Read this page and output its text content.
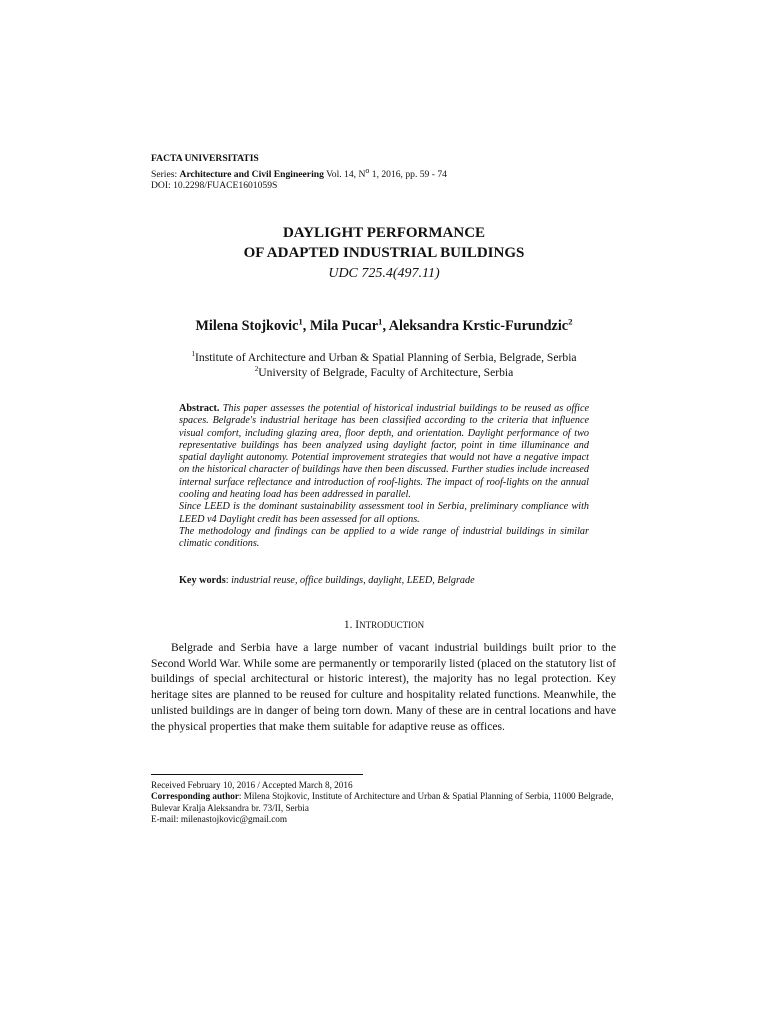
FACTA UNIVERSITATIS
Series: Architecture and Civil Engineering Vol. 14, $N^o$ 1, 2016, pp. 59 - 74
DOI: 10.2298/FUACE1601059S
DAYLIGHT PERFORMANCE
OF ADAPTED INDUSTRIAL BUILDINGS
UDC 725.4(497.11)
Milena Stojkovic$^1$, Mila Pucar$^1$, Aleksandra Krstic-Furundzic$^2$
$^1$Institute of Architecture and Urban & Spatial Planning of Serbia, Belgrade, Serbia
$^2$University of Belgrade, Faculty of Architecture, Serbia

Abstract. This paper assesses the potential of historical industrial buildings to be reused as office spaces. Belgrade's industrial heritage has been classified according to the criteria that influence visual comfort, including glazing area, floor depth, and orientation. Daylight performance of two representative buildings has been analyzed using daylight factor, point in time illuminance and spatial daylight autonomy. Potential improvement strategies that would not have a negative impact on the historical character of buildings have then been discussed. Further studies include increased internal surface reflectance and introduction of roof-lights. The impact of roof-lights on the annual cooling and heating load has been addressed in parallel.

Since LEED is the dominant sustainability assessment tool in Serbia, preliminary compliance with LEED v4 Daylight credit has been assessed for all options.

The methodology and findings can be applied to a wide range of industrial buildings in similar climatic conditions.

Key words: industrial reuse, office buildings, daylight, LEED, Belgrade
1. INTRODUCTION

Belgrade and Serbia have a large number of vacant industrial buildings built prior to the Second World War. While some are permanently or temporarily listed (placed on the statutory list of buildings of special architectural or historic interest), the majority has no legal protection. Key heritage sites are planned to be reused for culture and hospitality related functions. Meanwhile, the unlisted buildings are in danger of being torn down. Many of these are in central locations and have the physical properties that make them suitable for adaptive reuse as offices.

Received February 10, 2016 / Accepted March 8, 2016
Corresponding author: Milena Stojkovic, Institute of Architecture and Urban & Spatial Planning of Serbia, 11000 Belgrade, Bulevar Kralja Aleksandra br. 73/II, Serbia
E-mail: milenastojkovic@gmail.com
